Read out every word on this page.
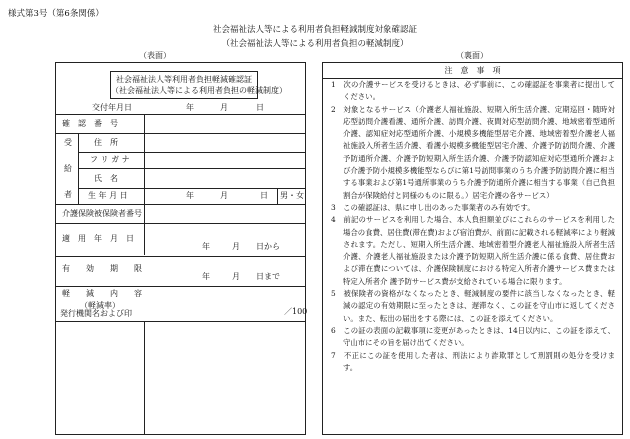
様式第3号（第6条関係）
社会福祉法人等による利用者負担軽減制度対象確認証
（社会福祉法人等による利用者負担の軽減制度）
（表面）
社会福祉法人等利用者負担軽減確認証
（社会福祉法人等による利用者負担の軽減制度）
交付年月日	年	月	日
確　認　番　号
受
給
者
住　所
フ リ ガ ナ
氏　名
生 年 月 日	年	月	日 男・女
介護保険被保険者番号
適　用　年　月　日
年	月 日から
有　　効　　期　　限
年	月 日まで
軽　　減　　内　　容
（軽減率）
／100
発行機関名および印
（裏面）
注　意　事　項

1　次の介護サービスを受けるときは、必ず事前に、この確認証を事業者に提出してください。

2　対象となるサービス（介護老人福祉施設、短期入所生活介護、定期巡回・随時対応型訪問介護看護、通所介護、訪問介護、夜間対応型訪問介護、地域密着型通所介護、認知症対応型通所介護、小規模多機能型居宅介護、地域密着型介護老人福祉施設入所者生活介護、看護小規模多機能型居宅介護、介護予防訪問介護、介護予防通所介護、介護予防短期入所生活介護、介護予防認知症対応型通所介護および介護予防小規模多機能型ならびに第1号訪問事業のうち介護予防訪問介護に相当する事業および第1号通所事業のうち介護予防通所介護に相当する事業（自己負担割合が保険給付と同様のものに限る。）居宅介護の各サービス）

3　この確認証は、県に申し出のあった事業者のみ有効です。

4　前記のサービスを利用した場合、本人負担額並びにこれらのサービスを利用した場合の食費、居住費(滞在費)および宿泊費が、前面に記載される軽減率により軽減されます。ただし、短期入所生活介護、地域密着型介護老人福祉施設入所者生活介護、介護老人福祉施設または介護予防短期入所生活介護に係る食費、居住費および滞在費については、介護保険制度における特定入所者介護サービス費または特定入所者介 護予防サービス費が支給されている場合に限ります。

5　被保険者の資格がなくなったとき、軽減制度の要件に該当しなくなったとき、軽減の認定の有効期限に至ったときは、遅滞なく、この証を守山市に返してください。また、転出の届出をする際には、この証を添えてください。

6　この証の表面の記載事項に変更があったときは、14日以内に、この証を添えて、守山市にその旨を届け出てください。

7　不正にこの証を使用した者は、刑法により詐欺罪として刑罰則の処分を受けます。
